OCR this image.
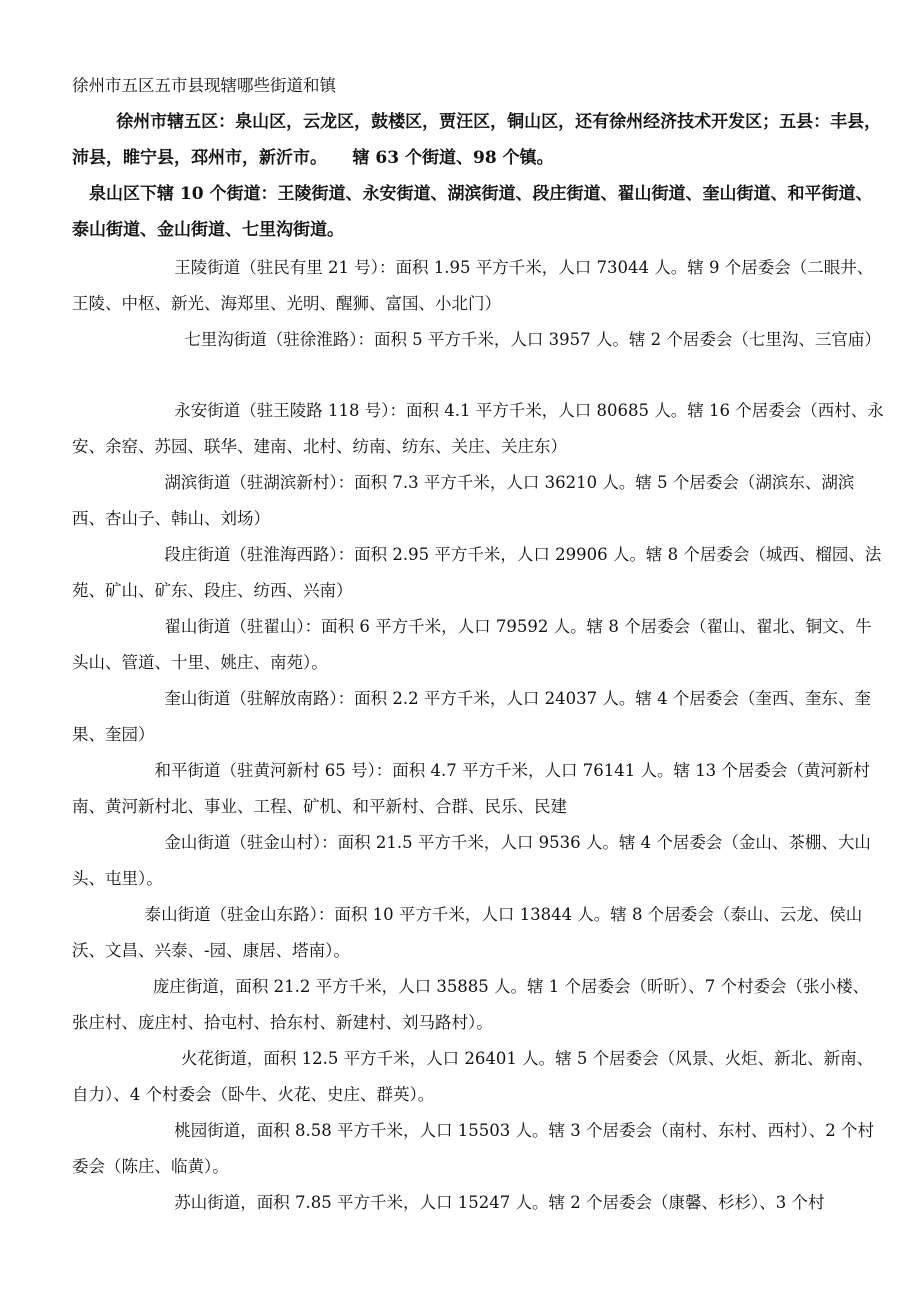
徐州市五区五市县现辖哪些街道和镇

徐州市辖五区：泉山区，云龙区，鼓楼区，贾汪区，铜山区，还有徐州经济技术开发区；五县：丰县，沛县，睢宁县，邳州市，新沂市。　　辖 63 个街道、98 个镇。

泉山区下辖 10 个街道：王陵街道、永安街道、湖滨街道、段庄街道、翟山街道、奎山街道、和平街道、泰山街道、金山街道、七里沟街道。

王陵街道（驻民有里 21 号）：面积 1.95 平方千米，人口 73044 人。辖 9 个居委会（二眼井、王陵、中枢、新光、海郑里、光明、醒狮、富国、小北门）

七里沟街道（驻徐淮路）：面积 5 平方千米，人口 3957 人。辖 2 个居委会（七里沟、三官庙）

永安街道（驻王陵路 118 号）：面积 4.1 平方千米，人口 80685 人。辖 16 个居委会（西村、永安、余窑、苏园、联华、建南、北村、纺南、纺东、关庄、关庄东）

湖滨街道（驻湖滨新村）：面积 7.3 平方千米，人口 36210 人。辖 5 个居委会（湖滨东、湖滨西、杏山子、韩山、刘场）

段庄街道（驻淮海西路）：面积 2.95 平方千米，人口 29906 人。辖 8 个居委会（城西、榴园、法苑、矿山、矿东、段庄、纺西、兴南）

翟山街道（驻翟山）：面积 6 平方千米，人口 79592 人。辖 8 个居委会（翟山、翟北、铜文、牛头山、管道、十里、姚庄、南苑）。

奎山街道（驻解放南路）：面积 2.2 平方千米，人口 24037 人。辖 4 个居委会（奎西、奎东、奎果、奎园）

和平街道（驻黄河新村 65 号）：面积 4.7 平方千米，人口 76141 人。辖 13 个居委会（黄河新村南、黄河新村北、事业、工程、矿机、和平新村、合群、民乐、民建

金山街道（驻金山村）：面积 21.5 平方千米，人口 9536 人。辖 4 个居委会（金山、茶棚、大山头、屯里）。

泰山街道（驻金山东路）：面积 10 平方千米，人口 13844 人。辖 8 个居委会（泰山、云龙、侯山沃、文昌、兴泰、-园、康居、塔南）。

庞庄街道，面积 21.2 平方千米，人口 35885 人。辖 1 个居委会（昕昕）、7 个村委会（张小楼、张庄村、庞庄村、拾屯村、拾东村、新建村、刘马路村）。

火花街道，面积 12.5 平方千米，人口 26401 人。辖 5 个居委会（风景、火炬、新北、新南、自力）、4 个村委会（卧牛、火花、史庄、群英）。

桃园街道，面积 8.58 平方千米，人口 15503 人。辖 3 个居委会（南村、东村、西村）、2 个村委会（陈庄、临黄）。

苏山街道，面积 7.85 平方千米，人口 15247 人。辖 2 个居委会（康馨、杉杉）、3 个村
